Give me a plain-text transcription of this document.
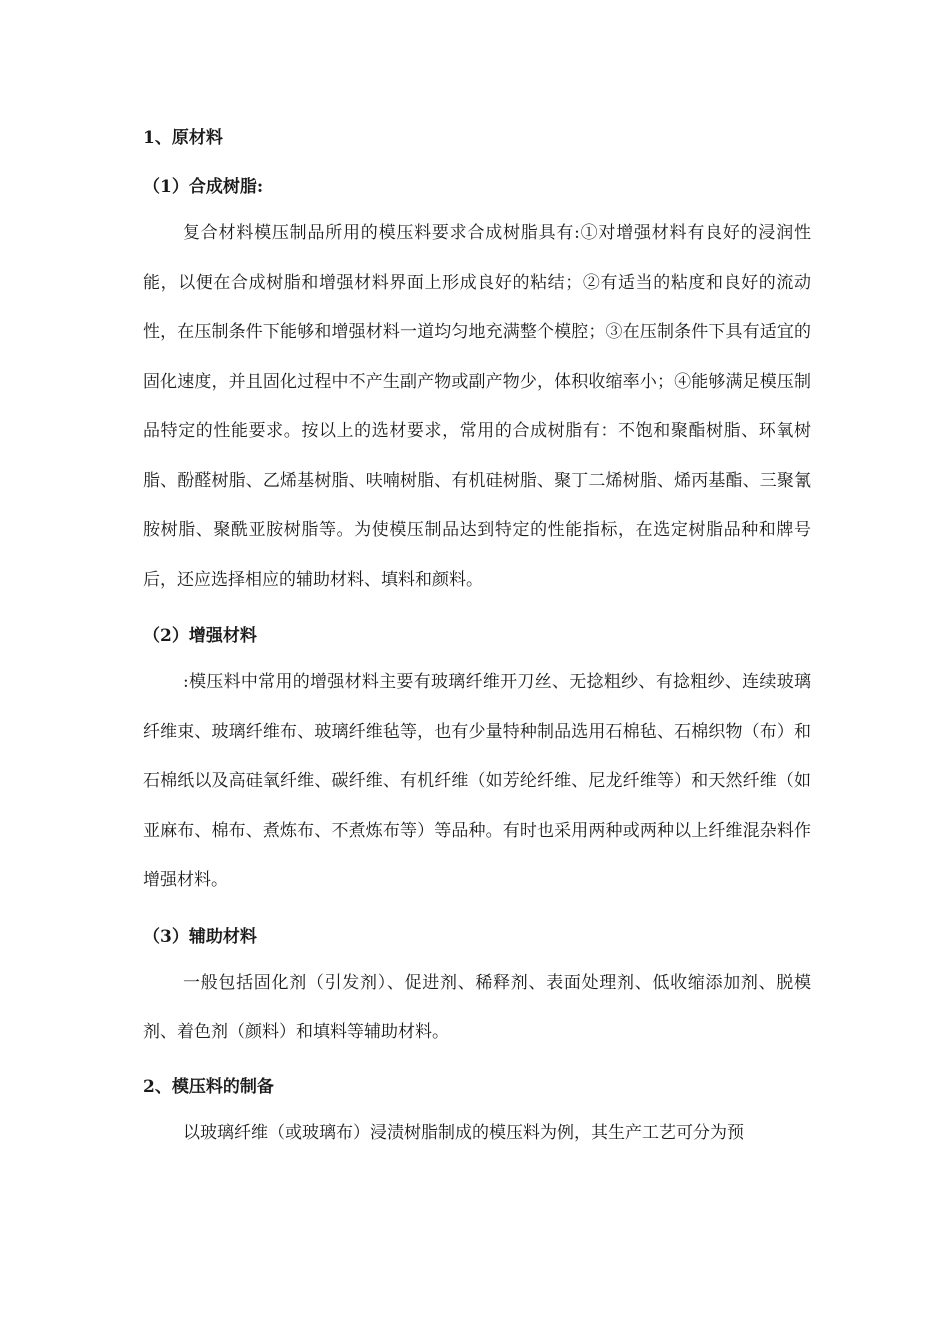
1、原材料
（1）合成树脂:

复合材料模压制品所用的模压料要求合成树脂具有:①对增强材料有良好的浸润性能，以便在合成树脂和增强材料界面上形成良好的粘结；②有适当的粘度和良好的流动性，在压制条件下能够和增强材料一道均匀地充满整个模腔；③在压制条件下具有适宜的固化速度，并且固化过程中不产生副产物或副产物少，体积收缩率小；④能够满足模压制品特定的性能要求。按以上的选材要求，常用的合成树脂有：不饱和聚酯树脂、环氧树脂、酚醛树脂、乙烯基树脂、呋喃树脂、有机硅树脂、聚丁二烯树脂、烯丙基酯、三聚氰胺树脂、聚酰亚胺树脂等。为使模压制品达到特定的性能指标，在选定树脂品种和牌号后，还应选择相应的辅助材料、填料和颜料。

（2）增强材料

:模压料中常用的增强材料主要有玻璃纤维开刀丝、无捻粗纱、有捻粗纱、连续玻璃纤维束、玻璃纤维布、玻璃纤维毡等，也有少量特种制品选用石棉毡、石棉织物（布）和石棉纸以及高硅氧纤维、碳纤维、有机纤维（如芳纶纤维、尼龙纤维等）和天然纤维（如亚麻布、棉布、煮炼布、不煮炼布等）等品种。有时也采用两种或两种以上纤维混杂料作增强材料。

（3）辅助材料

一般包括固化剂（引发剂）、促进剂、稀释剂、表面处理剂、低收缩添加剂、脱模剂、着色剂（颜料）和填料等辅助材料。

2、模压料的制备

以玻璃纤维（或玻璃布）浸渍树脂制成的模压料为例，其生产工艺可分为预
